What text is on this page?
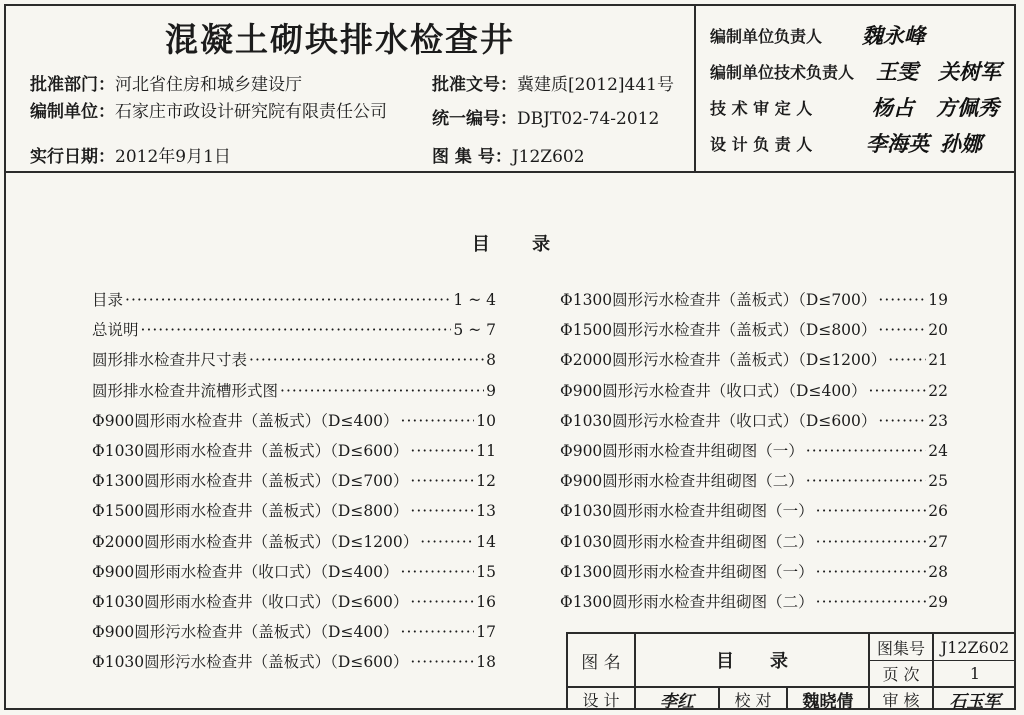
混凝土砌块排水检查井
批准部门：河北省住房和城乡建设厅
编制单位：石家庄市政设计研究院有限责任公司
实行日期：2012年9月1日
批准文号：冀建质[2012]441号
统一编号：DBJT02-74-2012
图 集 号：J12Z602
编制单位负责人 魏永峰
编制单位技术负责人 王雯 关树军
技 术 审 定 人	杨占 方佩秀
设 计 负 责 人	李海英 孙娜
目 录
目录 ·····	1 ~ 4
总说明 ·····	5 ~ 7
圆形排水检查井尺寸表 ·····	8
圆形排水检查井流槽形式图 ·····	9
Φ900圆形雨水检查井（盖板式）（D≤400） ·····	10
Φ1030圆形雨水检查井（盖板式）（D≤600） ·····	11
Φ1300圆形雨水检查井（盖板式）（D≤700） ·····	12
Φ1500圆形雨水检查井（盖板式）（D≤800） ·····	13
Φ2000圆形雨水检查井（盖板式）（D≤1200） ·····	14
Φ900圆形雨水检查井（收口式）（D≤400） ·····	15
Φ1030圆形雨水检查井（收口式）（D≤600） ·····	16
Φ900圆形污水检查井（盖板式）（D≤400） ·····	17
Φ1030圆形污水检查井（盖板式）（D≤600） ·····	18
Φ1300圆形污水检查井（盖板式）（D≤700） ·····	19
Φ1500圆形污水检查井（盖板式）（D≤800） ·····	20
Φ2000圆形污水检查井（盖板式）（D≤1200） ·····	21
Φ900圆形污水检查井（收口式）（D≤400） ·····	22
Φ1030圆形污水检查井（收口式）（D≤600） ·····	23
Φ900圆形雨水检查井组砌图（一） ·····	24
Φ900圆形雨水检查井组砌图（二） ·····	25
Φ1030圆形雨水检查井组砌图（一） ·····	26
Φ1030圆形雨水检查井组砌图（二） ·····	27
Φ1300圆形雨水检查井组砌图（一） ·····	28
Φ1300圆形雨水检查井组砌图（二） ·····	29
图 名	目　　录
图集号 J12Z602
页 次	1
设 计	李红	校 对	魏晓倩	审 核	石玉军
